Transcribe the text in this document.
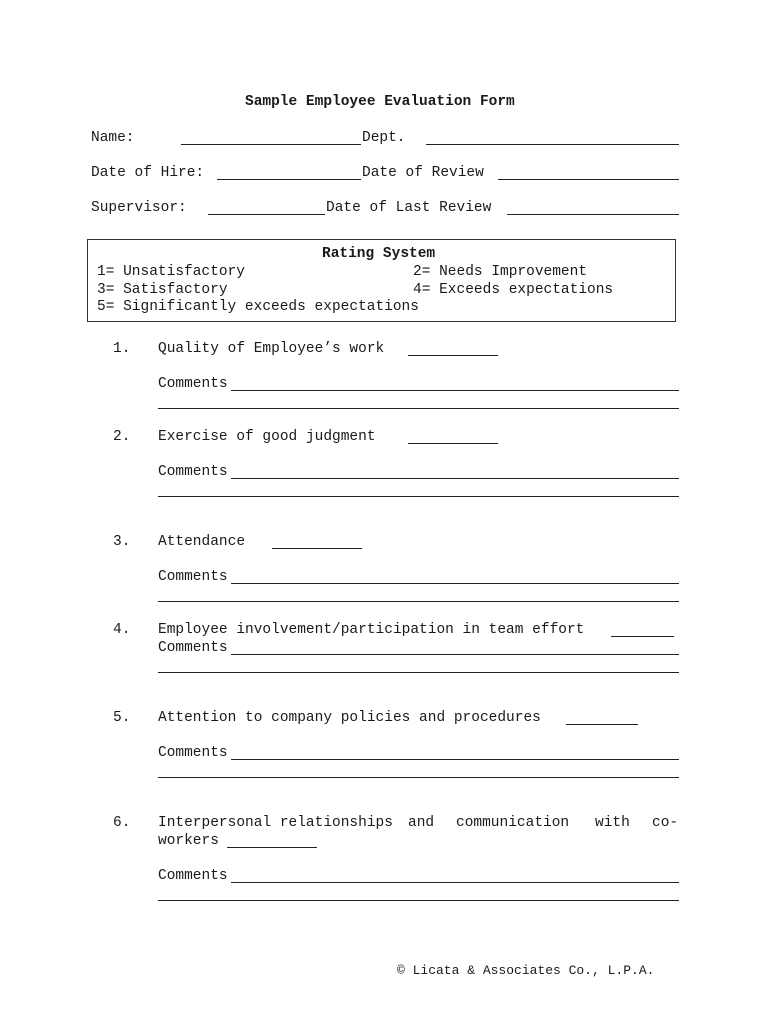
Sample Employee Evaluation Form
Name:	Dept.
Date of Hire:	Date of Review
Supervisor:	Date of Last Review
Rating System
1= Unsatisfactory	2= Needs Improvement
3= Satisfactory	4= Exceeds expectations
5= Significantly exceeds expectations
1. Quality of Employee’s work
Comments
2. Exercise of good judgment
Comments
3. Attendance
Comments
4. Employee involvement/participation in team effort
Comments
5. Attention to company policies and procedures
Comments
6. Interpersonal relationships and communication with co-
workers
Comments
© Licata & Associates Co., L.P.A.
